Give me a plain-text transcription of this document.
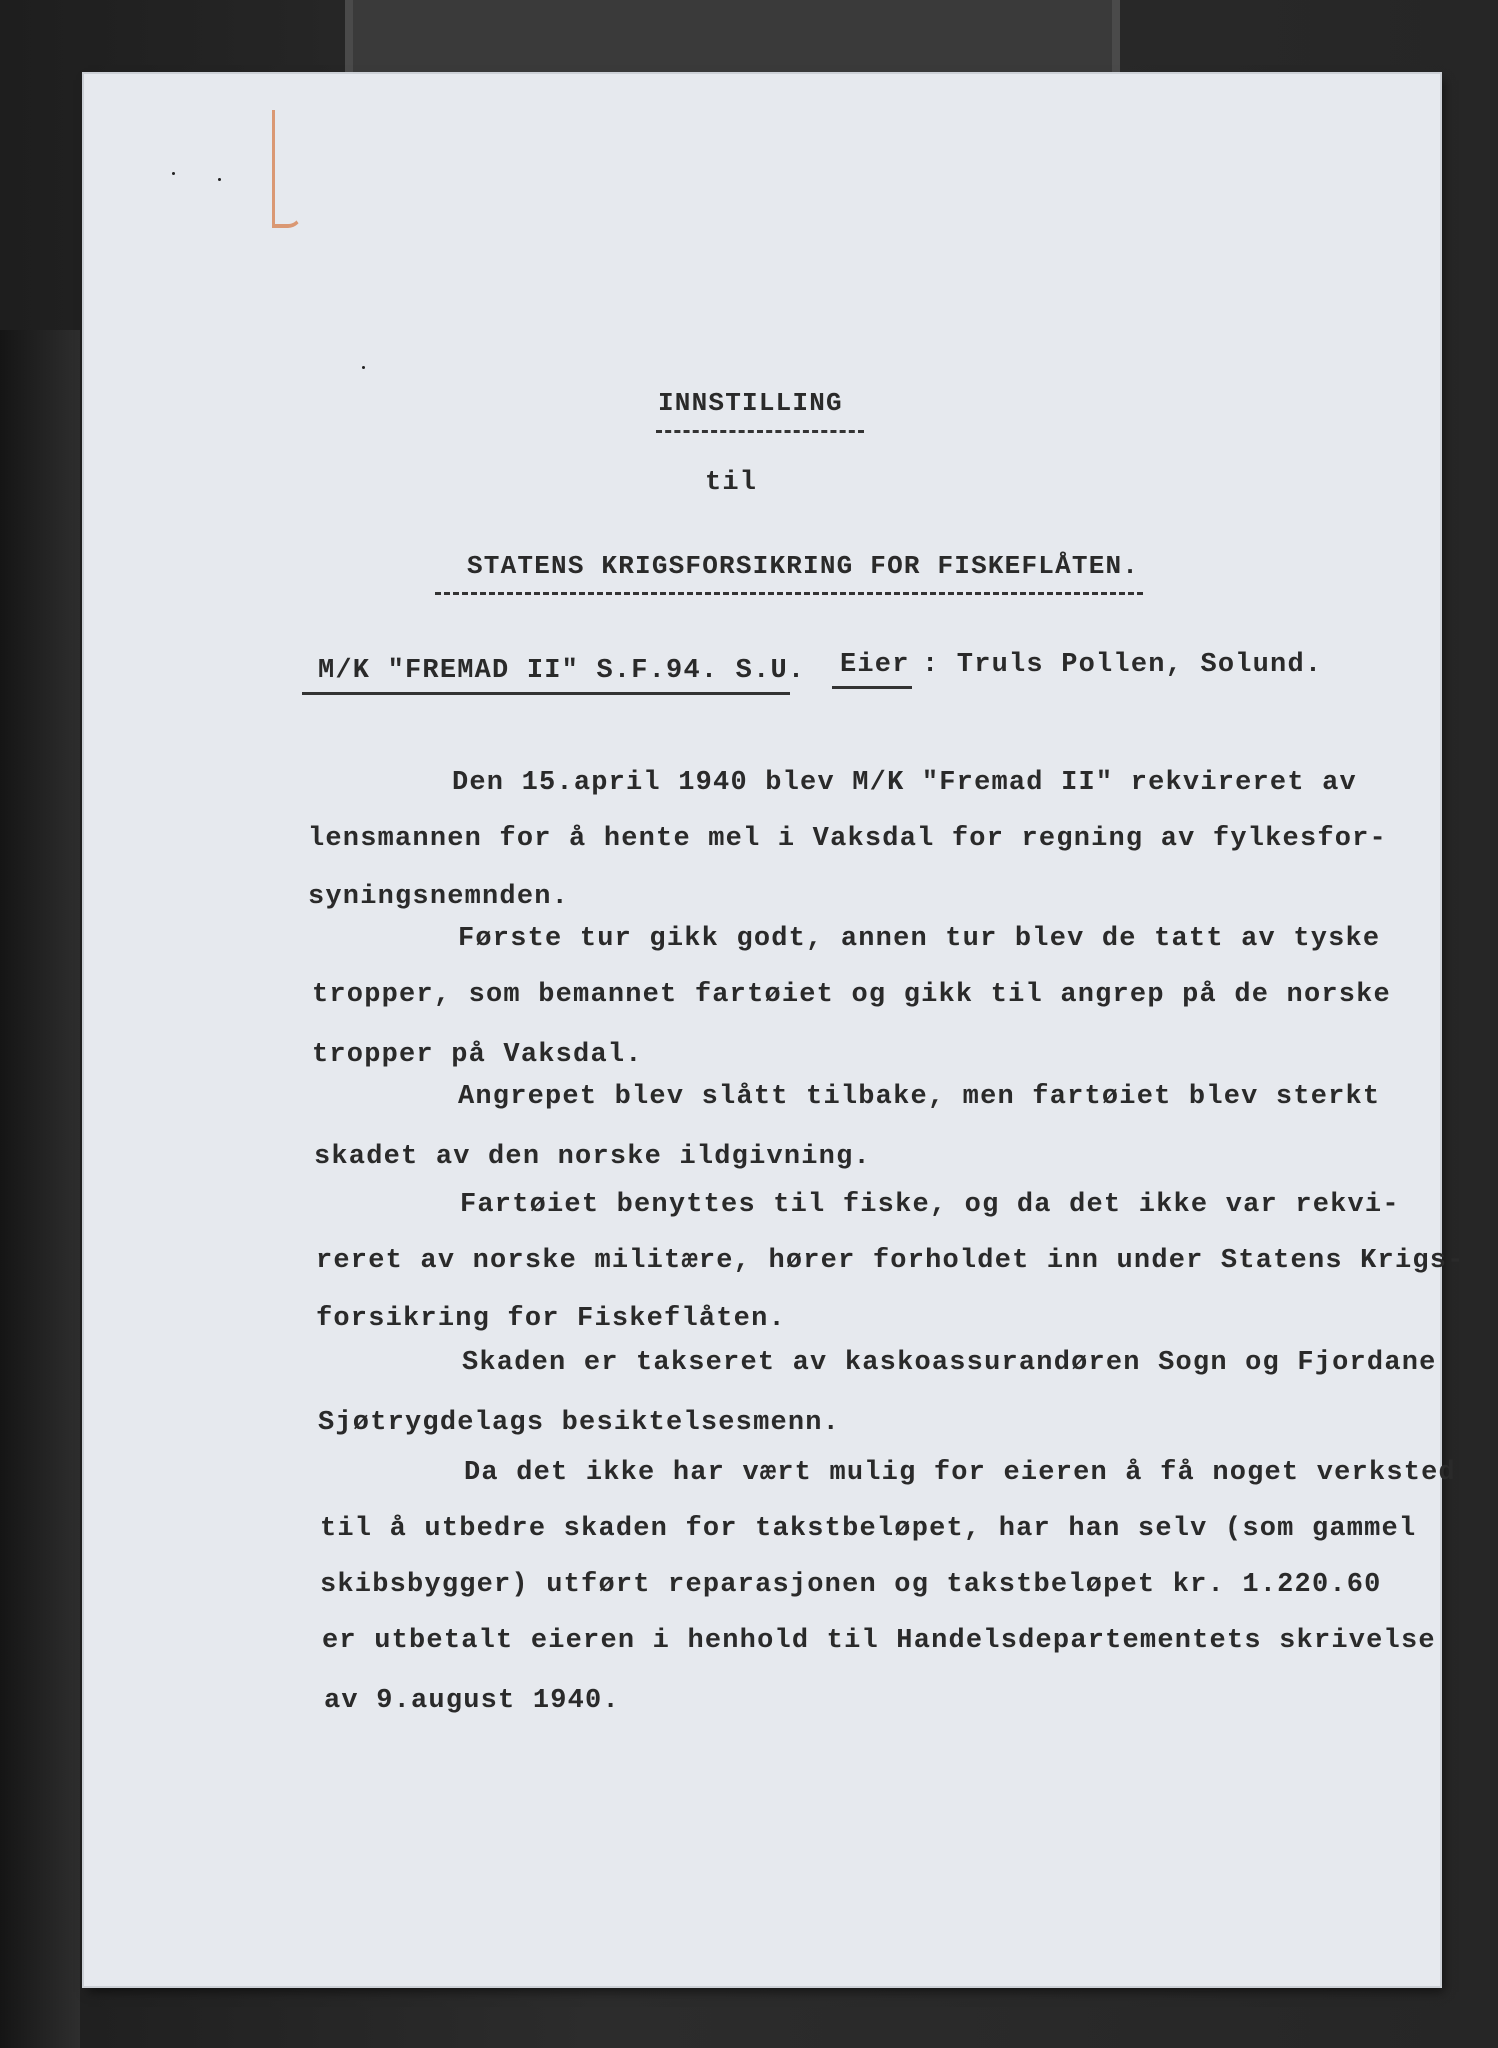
INNSTILLING
til
STATENS KRIGSFORSIKRING FOR FISKEFLÅTEN.
M/K "FREMAD II" S.F.94. S.U. Eier : Truls Pollen, Solund.
Den 15.april 1940 blev M/K "Fremad II" rekvireret av
lensmannen for å hente mel i Vaksdal for regning av fylkesfor-
syningsnemnden.
Første tur gikk godt, annen tur blev de tatt av tyske
tropper, som bemannet fartøiet og gikk til angrep på de norske
tropper på Vaksdal.
Angrepet blev slått tilbake, men fartøiet blev sterkt
skadet av den norske ildgivning.
Fartøiet benyttes til fiske, og da det ikke var rekvi-
reret av norske militære, hører forholdet inn under Statens Krigs-
forsikring for Fiskeflåten.
Skaden er takseret av kaskoassurandøren Sogn og Fjordane
Sjøtrygdelags besiktelsesmenn.
Da det ikke har vært mulig for eieren å få noget verksted
til å utbedre skaden for takstbeløpet, har han selv (som gammel
skibsbygger) utført reparasjonen og takstbeløpet kr. 1.220.60
er utbetalt eieren i henhold til Handelsdepartementets skrivelse
av 9.august 1940.
